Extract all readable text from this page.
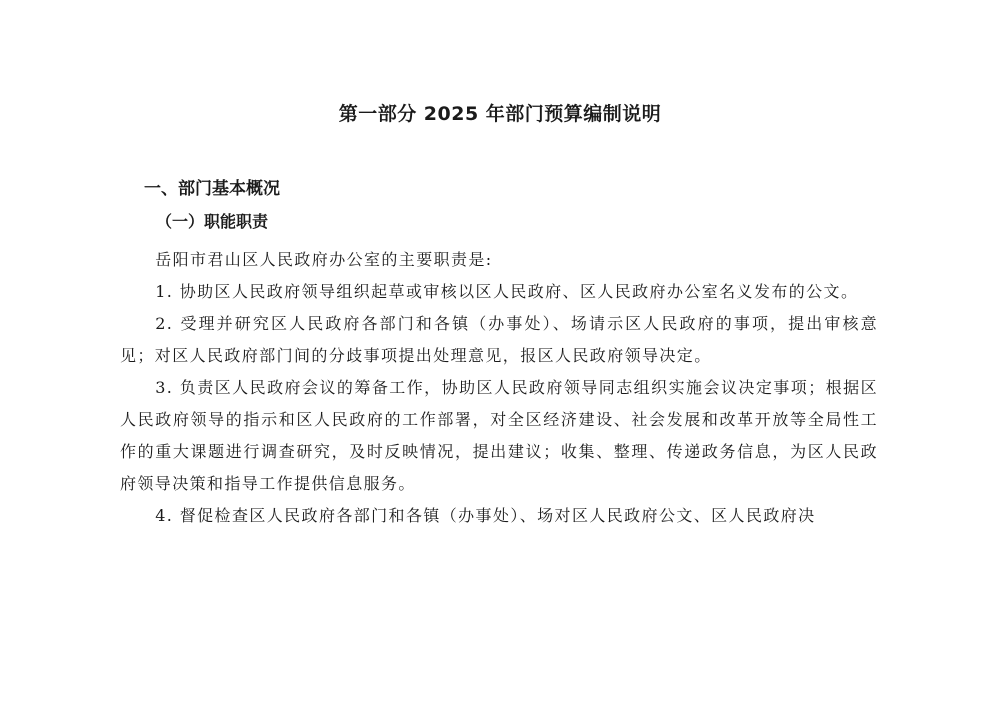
第一部分 2025 年部门预算编制说明
一、部门基本概况
（一）职能职责

岳阳市君山区人民政府办公室的主要职责是:

1. 协助区人民政府领导组织起草或审核以区人民政府、区人民政府办公室名义发布的公文。

2. 受理并研究区人民政府各部门和各镇（办事处）、场请示区人民政府的事项，提出审核意见；对区人民政府部门间的分歧事项提出处理意见，报区人民政府领导决定。

3. 负责区人民政府会议的筹备工作，协助区人民政府领导同志组织实施会议决定事项；根据区人民政府领导的指示和区人民政府的工作部署，对全区经济建设、社会发展和改革开放等全局性工作的重大课题进行调查研究，及时反映情况，提出建议；收集、整理、传递政务信息，为区人民政府领导决策和指导工作提供信息服务。

4. 督促检查区人民政府各部门和各镇（办事处）、场对区人民政府公文、区人民政府决
